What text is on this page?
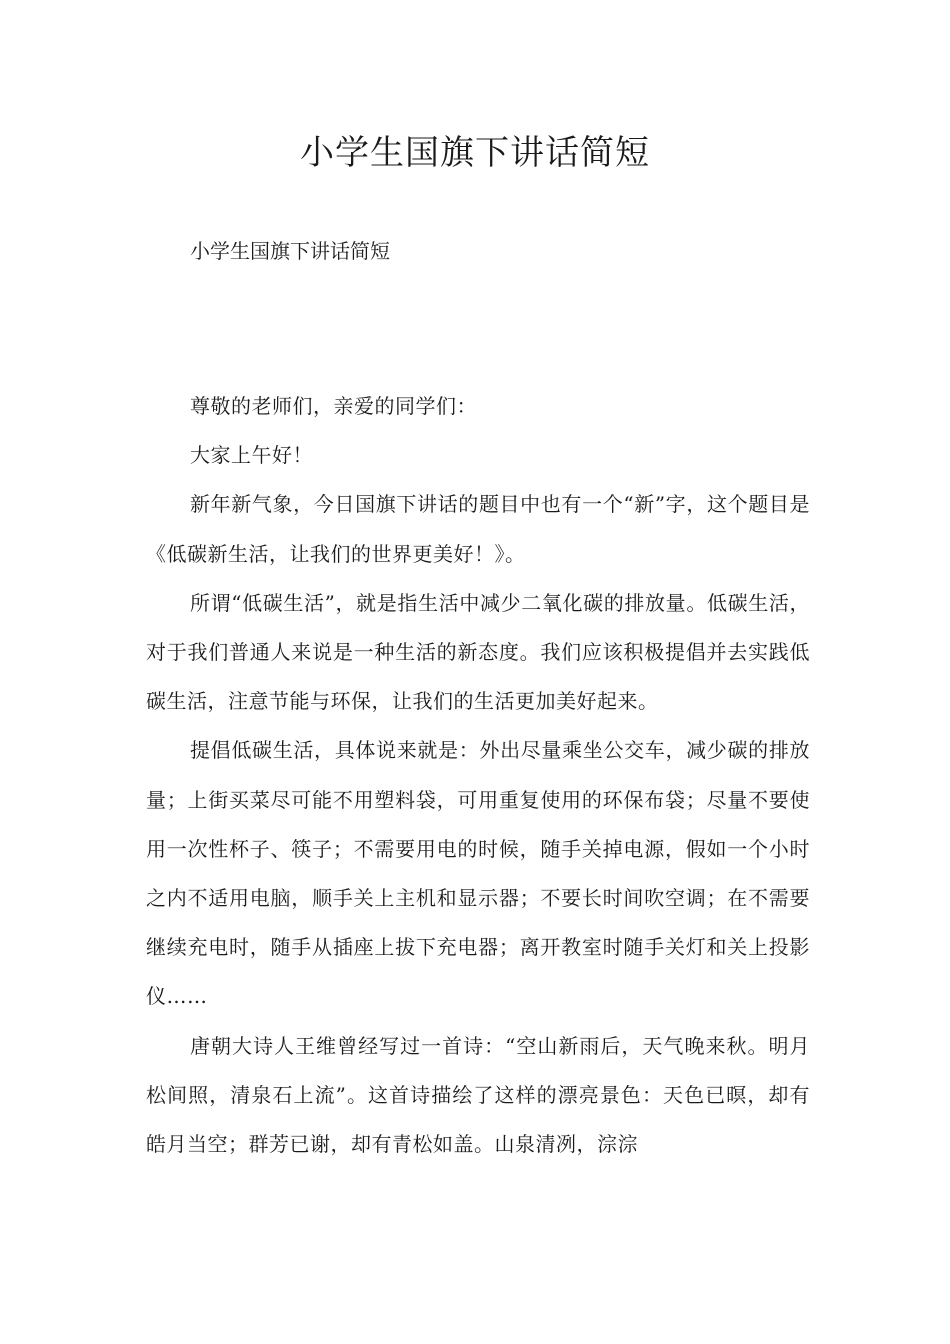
小学生国旗下讲话简短

小学生国旗下讲话简短

尊敬的老师们，亲爱的同学们：

大家上午好！

新年新气象，今日国旗下讲话的题目中也有一个“新”字，这个题目是《低碳新生活，让我们的世界更美好！》。

所谓“低碳生活”，就是指生活中减少二氧化碳的排放量。低碳生活，对于我们普通人来说是一种生活的新态度。我们应该积极提倡并去实践低碳生活，注意节能与环保，让我们的生活更加美好起来。

提倡低碳生活，具体说来就是：外出尽量乘坐公交车，减少碳的排放量；上街买菜尽可能不用塑料袋，可用重复使用的环保布袋；尽量不要使用一次性杯子、筷子；不需要用电的时候，随手关掉电源，假如一个小时之内不适用电脑，顺手关上主机和显示器；不要长时间吹空调；在不需要继续充电时，随手从插座上拔下充电器；离开教室时随手关灯和关上投影仪……

唐朝大诗人王维曾经写过一首诗：“空山新雨后，天气晚来秋。明月松间照，清泉石上流”。这首诗描绘了这样的漂亮景色：天色已暝，却有皓月当空；群芳已谢，却有青松如盖。山泉清冽，淙淙
